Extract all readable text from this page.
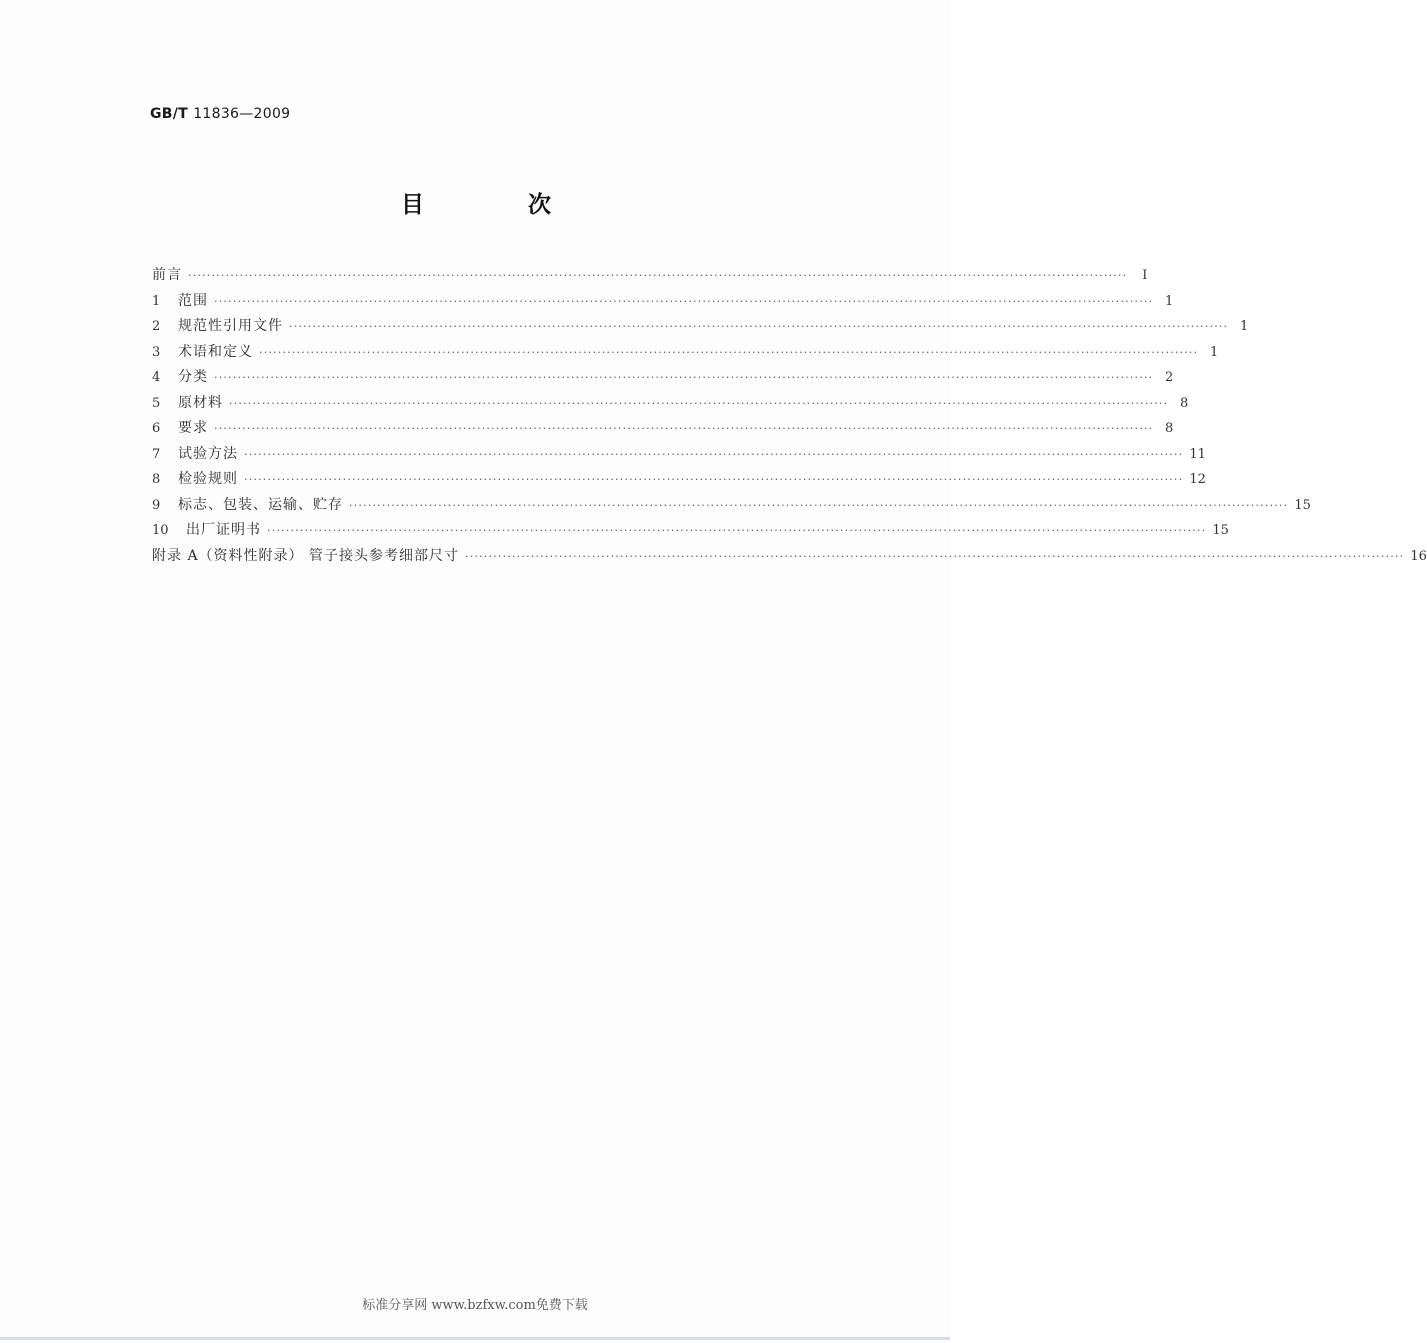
GB/T 11836—2009
目 次
前言 ········································································································································································································	Ⅰ
1	范围 ········································································································································································································ 1
2	规范性引用文件 ········································································································································································································ 1
3	术语和定义 ········································································································································································································ 1
4	分类 ········································································································································································································ 2
5	原材料 ········································································································································································································ 8
6	要求 ········································································································································································································ 8
7	试验方法 ········································································································································································································ 11
8	检验规则 ········································································································································································································ 12
9	标志、包装、运输、贮存 ········································································································································································································ 15
10	出厂证明书 ········································································································································································································ 15
附录 A（资料性附录） 管子接头参考细部尺寸 ········································································································································································································ 16
标准分享网 www.bzfxw.com免费下载
